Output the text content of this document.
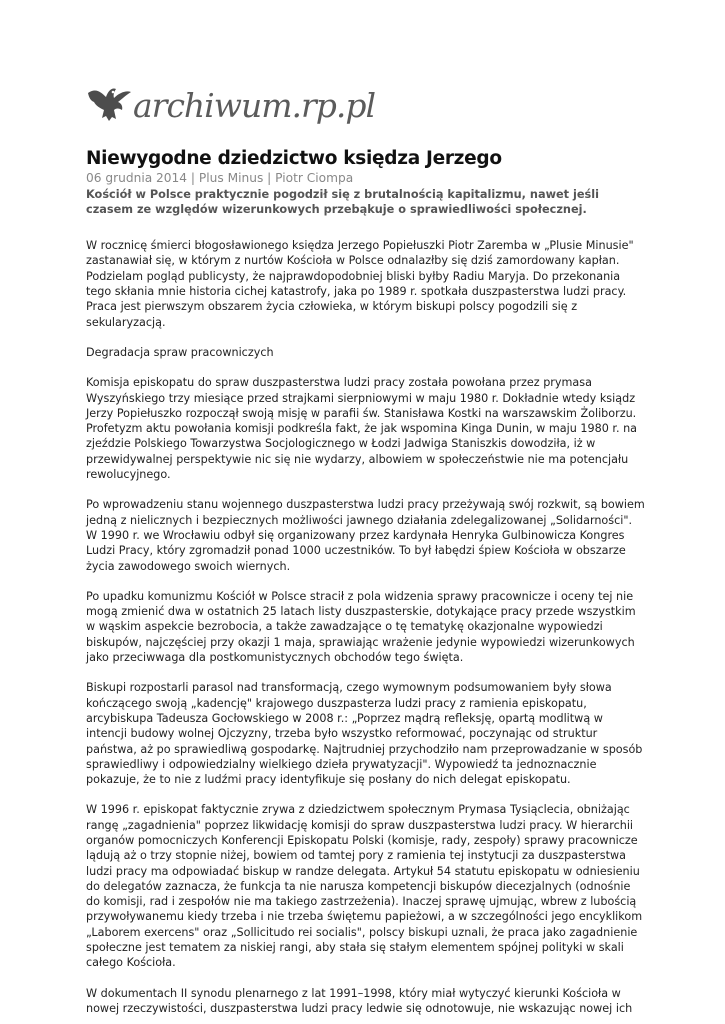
archiwum.rp.pl
Niewygodne dziedzictwo księdza Jerzego
06 grudnia 2014 | Plus Minus | Piotr Ciompa
Kościół w Polsce praktycznie pogodził się z brutalnością kapitalizmu, nawet jeśli czasem ze względów wizerunkowych przebąkuje o sprawiedliwości społecznej.
W rocznicę śmierci błogosławionego księdza Jerzego Popiełuszki Piotr Zaremba w „Plusie Minusie" zastanawiał się, w którym z nurtów Kościoła w Polsce odnalazłby się dziś zamordowany kapłan. Podzielam pogląd publicysty, że najprawdopodobniej bliski byłby Radiu Maryja. Do przekonania tego skłania mnie historia cichej katastrofy, jaka po 1989 r. spotkała duszpasterstwa ludzi pracy. Praca jest pierwszym obszarem życia człowieka, w którym biskupi polscy pogodzili się z sekularyzacją.
Degradacja spraw pracowniczych
Komisja episkopatu do spraw duszpasterstwa ludzi pracy została powołana przez prymasa Wyszyńskiego trzy miesiące przed strajkami sierpniowymi w maju 1980 r. Dokładnie wtedy ksiądz Jerzy Popiełuszko rozpoczął swoją misję w parafii św. Stanisława Kostki na warszawskim Żoliborzu. Profetyzm aktu powołania komisji podkreśla fakt, że jak wspomina Kinga Dunin, w maju 1980 r. na zjeździe Polskiego Towarzystwa Socjologicznego w Łodzi Jadwiga Staniszkis dowodziła, iż w przewidywalnej perspektywie nic się nie wydarzy, albowiem w społeczeństwie nie ma potencjału rewolucyjnego.
Po wprowadzeniu stanu wojennego duszpasterstwa ludzi pracy przeżywają swój rozkwit, są bowiem jedną z nielicznych i bezpiecznych możliwości jawnego działania zdelegalizowanej „Solidarności". W 1990 r. we Wrocławiu odbył się organizowany przez kardynała Henryka Gulbinowicza Kongres Ludzi Pracy, który zgromadził ponad 1000 uczestników. To był łabędzi śpiew Kościoła w obszarze życia zawodowego swoich wiernych.
Po upadku komunizmu Kościół w Polsce stracił z pola widzenia sprawy pracownicze i oceny tej nie mogą zmienić dwa w ostatnich 25 latach listy duszpasterskie, dotykające pracy przede wszystkim w wąskim aspekcie bezrobocia, a także zawadzające o tę tematykę okazjonalne wypowiedzi biskupów, najczęściej przy okazji 1 maja, sprawiając wrażenie jedynie wypowiedzi wizerunkowych jako przeciwwaga dla postkomunistycznych obchodów tego święta.
Biskupi rozpostarli parasol nad transformacją, czego wymownym podsumowaniem były słowa kończącego swoją „kadencję" krajowego duszpasterza ludzi pracy z ramienia episkopatu, arcybiskupa Tadeusza Gocłowskiego w 2008 r.: „Poprzez mądrą refleksję, opartą modlitwą w intencji budowy wolnej Ojczyzny, trzeba było wszystko reformować, poczynając od struktur państwa, aż po sprawiedliwą gospodarkę. Najtrudniej przychodziło nam przeprowadzanie w sposób sprawiedliwy i odpowiedzialny wielkiego dzieła prywatyzacji". Wypowiedź ta jednoznacznie pokazuje, że to nie z ludźmi pracy identyfikuje się posłany do nich delegat episkopatu.
W 1996 r. episkopat faktycznie zrywa z dziedzictwem społecznym Prymasa Tysiąclecia, obniżając rangę „zagadnienia" poprzez likwidację komisji do spraw duszpasterstwa ludzi pracy. W hierarchii organów pomocniczych Konferencji Episkopatu Polski (komisje, rady, zespoły) sprawy pracownicze lądują aż o trzy stopnie niżej, bowiem od tamtej pory z ramienia tej instytucji za duszpasterstwa ludzi pracy ma odpowiadać biskup w randze delegata. Artykuł 54 statutu episkopatu w odniesieniu do delegatów zaznacza, że funkcja ta nie narusza kompetencji biskupów diecezjalnych (odnośnie do komisji, rad i zespołów nie ma takiego zastrzeżenia). Inaczej sprawę ujmując, wbrew z lubością przywoływanemu kiedy trzeba i nie trzeba świętemu papieżowi, a w szczególności jego encyklikom „Laborem exercens" oraz „Sollicitudo rei socialis", polscy biskupi uznali, że praca jako zagadnienie społeczne jest tematem za niskiej rangi, aby stała się stałym elementem spójnej polityki w skali całego Kościoła.
W dokumentach II synodu plenarnego z lat 1991–1998, który miał wytyczyć kierunki Kościoła w nowej rzeczywistości, duszpasterstwa ludzi pracy ledwie się odnotowuje, nie wskazując nowej ich
